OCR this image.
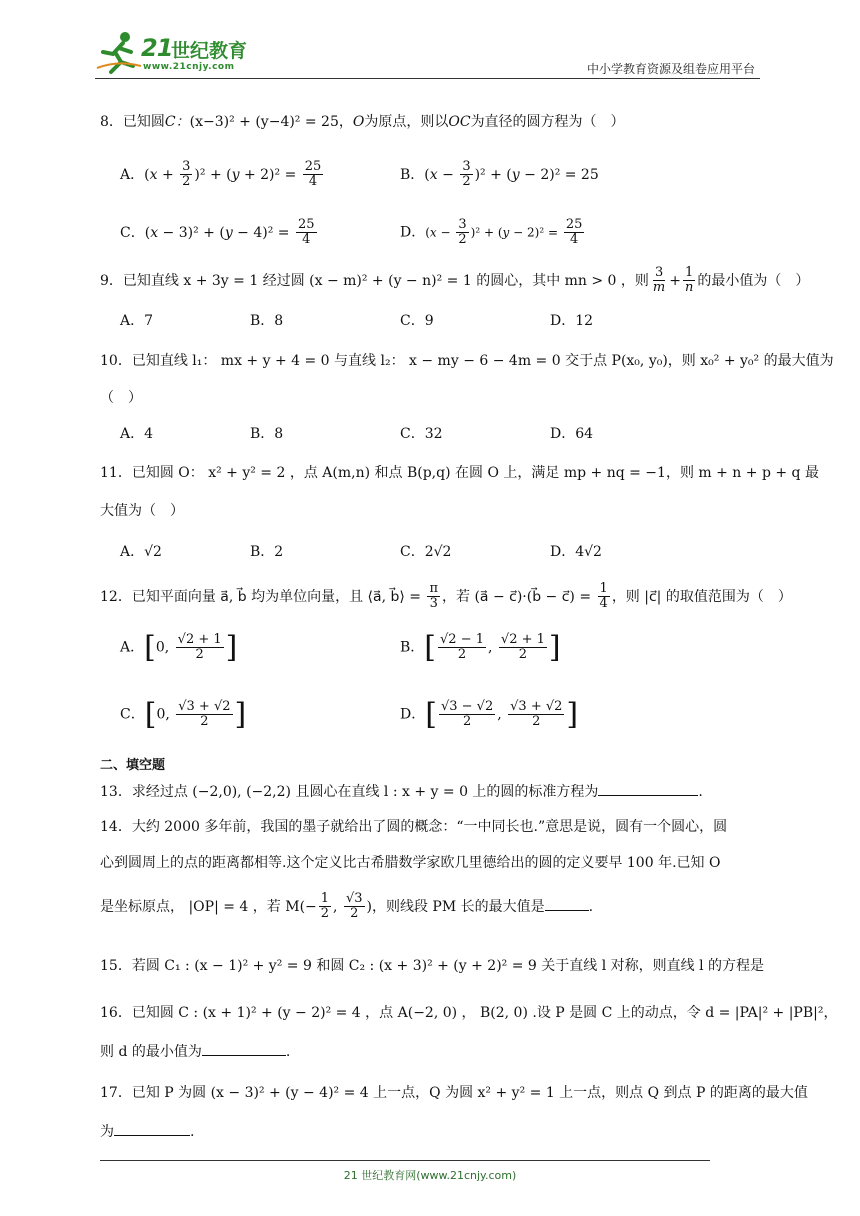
21
世纪教育
www.21cnjy.com	中小学教育资源及组卷应用平台
8．已知圆C：(x−3)² + (y−4)² = 25，O为原点，则以OC为直径的圆方程为（　）
A．$(x + \frac{3}{2} )^2 + (y + 2)^2 = \frac{25}{4}$	B．$(x - \frac{3}{2} )^2 + (y - 2)^2 = 25$
C．$(x - 3)^2 + (y - 4)^2 = \frac{25}{4}$	D．$(x - \frac{3}{2} )^2 + (y - 2)^2 = \frac{25}{4}$
9．已知直线 x + 3y = 1 经过圆 (x − m)² + (y − n)² = 1 的圆心，其中 mn > 0 ，则 $\frac{3}{m} + \frac{1}{n}$ 的最小值为（　）
A．7	B．8	C．9	D．12
10．已知直线 l₁： mx + y + 4 = 0 与直线 l₂： x − my − 6 − 4m = 0 交于点 P(x₀, y₀)，则 x₀² + y₀² 的最大值为
（　）
A．4	B．8	C．32	D．64
11．已知圆 O： x² + y² = 2 ，点 A(m,n) 和点 B(p,q) 在圆 O 上，满足 mp + nq = −1，则 m + n + p + q 最
大值为（　）
A．√2	B．2	C．2√2	D．4√2
12．已知平面向量 a⃗, b⃗ 均为单位向量，且 ⟨a⃗, b⃗⟩ = $\frac{\pi}{3}$ ，若 (a⃗ − c⃗)·(b⃗ − c⃗) = $\frac{1}{4}$ ，则 |c⃗| 的取值范围为（　）
A．[0, $\frac{√2 + 1}{2}$ ]	B．[ $\frac{√2 - 1}{2}$ , $\frac{√2 + 1}{2}$ ]
C．[0, $\frac{√3 + √2}{2}$ ]	D．[ $\frac{√3 - √2}{2}$ , $\frac{√3 + √2}{2}$ ]
二、填空题
13．求经过点 (−2,0), (−2,2) 且圆心在直线 l : x + y = 0 上的圆的标准方程为	.
14．大约 2000 多年前，我国的墨子就给出了圆的概念：“一中同长也.”意思是说，圆有一个圆心，圆
心到圆周上的点的距离都相等.这个定义比古希腊数学家欧几里德给出的圆的定义要早 100 年.已知 O
是坐标原点， |OP| = 4 ，若 $M(- \frac{1}{2}$ , $\frac{√3}{2}$ )，则线段 PM 长的最大值是	.
15．若圆 C₁ : (x − 1)² + y² = 9 和圆 C₂ : (x + 3)² + (y + 2)² = 9 关于直线 l 对称，则直线 l 的方程是
16．已知圆 C : (x + 1)² + (y − 2)² = 4 ，点 A(−2, 0) ， B(2, 0) .设 P 是圆 C 上的动点，令 d = |PA|² + |PB|²，
则 d 的最小值为	.
17．已知 P 为圆 (x − 3)² + (y − 4)² = 4 上一点，Q 为圆 x² + y² = 1 上一点，则点 Q 到点 P 的距离的最大值
为	.
21 世纪教育网(www.21cnjy.com)
